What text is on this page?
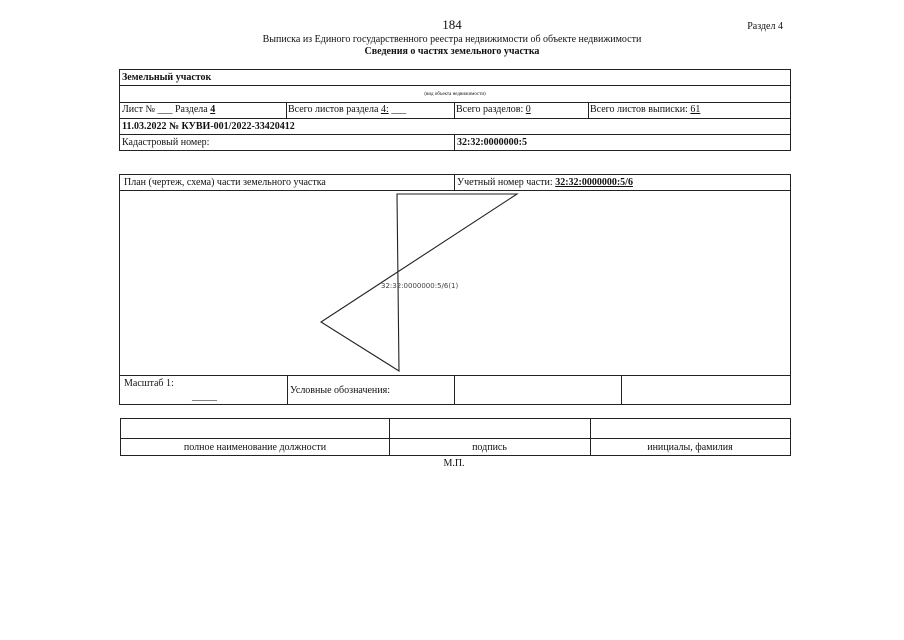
184	Раздел 4
Выписка из Единого государственного реестра недвижимости об объекте недвижимости
Сведения о частях земельного участка
Земельный участок
(вид объекта недвижимости)
Лист № ___ Раздела 4	Всего листов раздела 4: ___	Всего разделов: 0	Всего листов выписки: 61
11.03.2022 № КУВИ-001/2022-33420412
Кадастровый номер:	32:32:0000000:5
План (чертеж, схема) части земельного участка	Учетный номер части: 32:32:0000000:5/6
32:32:0000000:5/6(1)
Масштаб 1:
_____
Условные обозначения:
полное наименование должности	подпись	инициалы, фамилия
М.П.
